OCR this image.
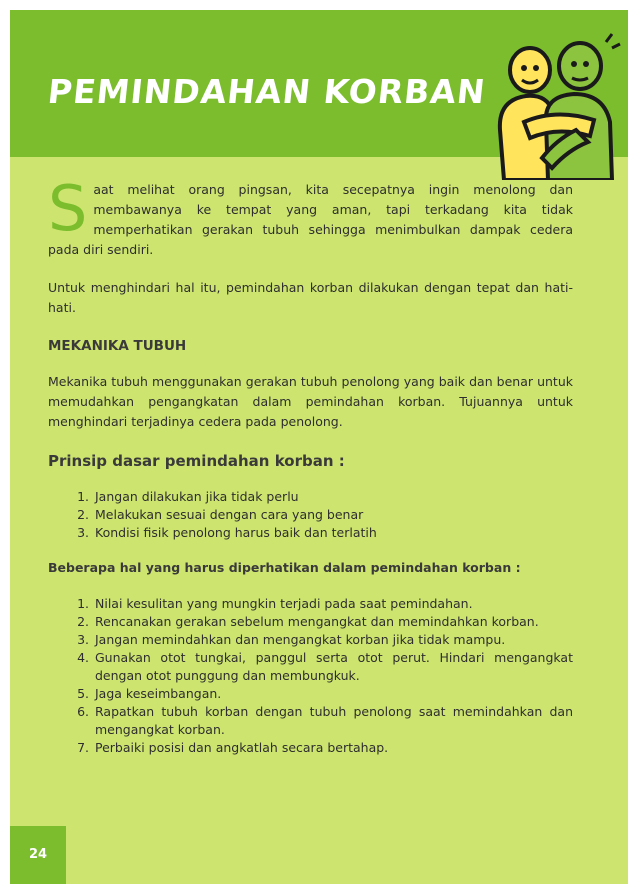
PEMINDAHAN KORBAN

Saat melihat orang pingsan, kita secepatnya ingin menolong dan membawanya ke tempat yang aman, tapi terkadang kita tidak memperhatikan gerakan tubuh sehingga menimbulkan dampak cedera pada diri sendiri.

Untuk menghindari hal itu, pemindahan korban dilakukan dengan tepat dan hati-hati.

MEKANIKA TUBUH

Mekanika tubuh menggunakan gerakan tubuh penolong yang baik dan benar untuk memudahkan pengangkatan dalam pemindahan korban. Tujuannya untuk menghindari terjadinya cedera pada penolong.

Prinsip dasar pemindahan korban :
1. Jangan dilakukan jika tidak perlu
2. Melakukan sesuai dengan cara yang benar
3. Kondisi fisik penolong harus baik dan terlatih
Beberapa hal yang harus diperhatikan dalam pemindahan korban :
1. Nilai kesulitan yang mungkin terjadi pada saat pemindahan.
2. Rencanakan gerakan sebelum mengangkat dan memindahkan korban.
3. Jangan memindahkan dan mengangkat korban jika tidak mampu.
4. Gunakan otot tungkai, panggul serta otot perut. Hindari mengangkat dengan otot punggung dan membungkuk.
5. Jaga keseimbangan.
6. Rapatkan tubuh korban dengan tubuh penolong saat memindahkan dan mengangkat korban.
7. Perbaiki posisi dan angkatlah secara bertahap.
24
